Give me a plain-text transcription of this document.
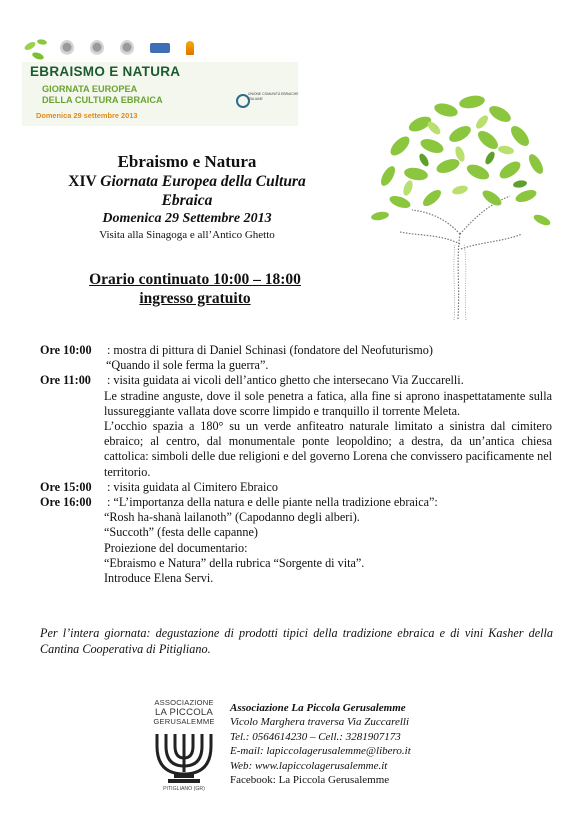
EBRAISMO E NATURA
GIORNATA EUROPEA
DELLA CULTURA EBRAICA
Domenica 29 settembre 2013
UNIONE COMUNITÀ EBRAICHE ITALIANE
Ebraismo e Natura
XIV Giornata Europea della Cultura
Ebraica
Domenica 29 Settembre 2013
Visita alla Sinagoga e all’Antico Ghetto
Orario continuato 10:00 – 18:00
ingresso gratuito
Ore 10:00 : mostra di pittura di Daniel Schinasi (fondatore del Neofuturismo)
“Quando il sole ferma la guerra”.
Ore 11:00 : visita guidata ai vicoli dell’antico ghetto che intersecano Via Zuccarelli.
Le stradine anguste, dove il sole penetra a fatica, alla fine si aprono inaspettatamente sulla lussureggiante vallata dove scorre limpido e tranquillo il torrente Meleta.
L’occhio spazia a 180° su un verde anfiteatro naturale limitato a sinistra dal cimitero ebraico; al centro, dal monumentale ponte leopoldino; a destra, da un’antica chiesa cattolica: simboli delle due religioni e del governo Lorena che convissero pacificamente nel territorio.
Ore 15:00 : visita guidata al Cimitero Ebraico
Ore 16:00 : “L’importanza della natura e delle piante nella tradizione ebraica”:
“Rosh ha-shanà lailanoth” (Capodanno degli alberi).
“Succoth” (festa delle capanne)
Proiezione del documentario:
“Ebraismo e Natura” della rubrica “Sorgente di vita”.
Introduce Elena Servi.
Per l’intera giornata: degustazione di prodotti tipici della tradizione ebraica e di vini Kasher della Cantina Cooperativa di Pitigliano.
ASSOCIAZIONE
LA PICCOLA
GERUSALEMME
PITIGLIANO (GR)
Associazione La Piccola Gerusalemme
Vicolo Marghera traversa Via Zuccarelli
Tel.: 0564614230 – Cell.: 3281907173
E-mail: lapiccolagerusalemme@libero.it
Web: www.lapiccolagerusalemme.it
Facebook: La Piccola Gerusalemme
